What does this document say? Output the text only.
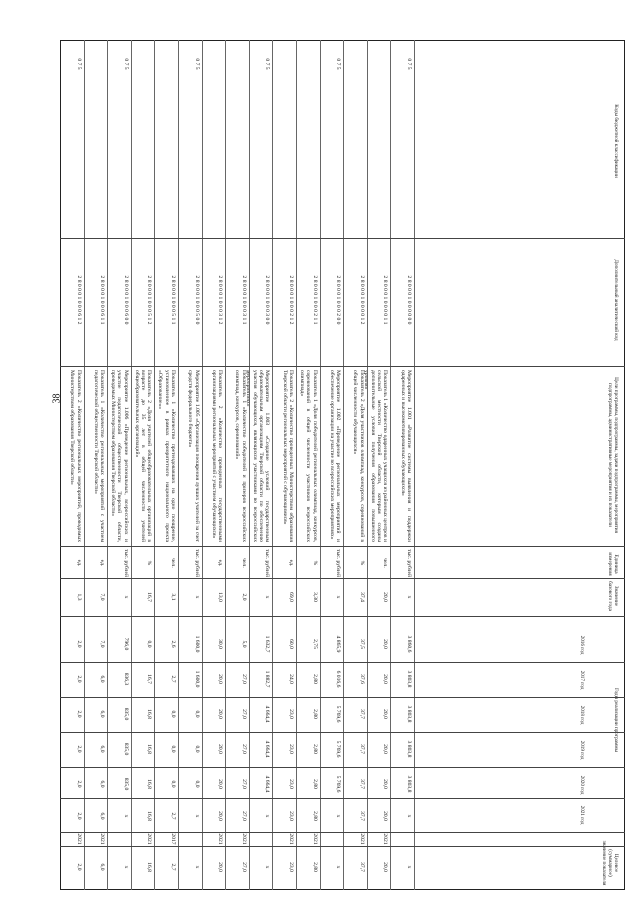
38
Коды бюджетной классификации
Дополнительный аналитический код
Цели программы, подпрограммы, задачи подпрограммы, мероприятия подпрограммы, административные мероприятия и их показатели
Единица измерения
Значение базового года
Годы реализации программы
2016 год
2017 год
2018 год
2019 год
2020 год
2021 год
Целевое (суммарное) значение показателя
0 7 5
2 8 0 0 0 1 0 0 0 0 0 0
Мероприятие 1.001 «Развитие системы выявления и поддержки одаренных и высокомотивированных обучающихся»
тыс. рублей
х
3 860,6
3 803,8
3 803,8
3 803,8
3 803,8
х
х
2 8 0 0 0 1 0 0 0 0 1 1
Показатель 1 «Количество одаренных учащихся из районных центров и сельской местности Тверской области, которым созданы дополнительные условия получения образования повышенного уровня»
чел.
20,0
20,0
20,0
20,0
20,0
20,0
20,0
2021
20,0
2 8 0 0 0 1 0 0 0 0 1 2
Показатель 2 «Доля участников олимпиад, конкурсов, соревнований в общей численности обучающихся»
%
37,4
37,5
37,6
37,7
37,7
37,7
37,7
2021
37,7
0 7 5
2 8 0 0 0 1 0 0 0 2 0 0
Мероприятие 1.002 «Проведение региональных мероприятий и обеспечение организации на участие во всероссийских мероприятиях»
тыс. рублей
х
4 865,9
6 016,6
5 769,6
5 769,6
5 769,6
х
х
2 8 0 0 0 1 0 0 0 2 1 1
Показатель 1 «Доля победителей региональных олимпиад, конкурсов, соревнований в общей численности участников всероссийских олимпиад»
%
3,30
2,75
2,80
2,80
2,80
2,80
2,80
2021
2,80
2 8 0 0 0 1 0 0 0 2 1 2
Показатель 2 «Количество проведенных Министерством образования Тверской области региональных мероприятий с обучающимися»
ед.
69,0
60,0
24,0
23,0
23,0
23,0
23,0
2021
23,0
0 7 5
2 8 0 0 0 1 0 0 0 3 0 0
Мероприятие 1.003 «Создание условий государственным образовательным организациям Тверской области по обеспечению участия обучающихся, являющихся участниками во всероссийских мероприятиях»
тыс. рублей
х
1 632,7
1 882,7
4 664,4
4 664,4
4 664,4
х
х
2 8 0 0 0 1 0 0 0 3 1 1
Показатель 1 «Количество победителей и призеров всероссийских олимпиад, конкурсов, соревнований»
чел.
2,0
5,0
27,0
27,0
27,0
27,0
27,0
2021
27,0
2 8 0 0 0 1 0 0 0 3 1 2
Показатель 2 «Количество проведенных государственными организациями региональных мероприятий с участием обучающихся»
ед.
13,0
30,0
20,0
20,0
20,0
20,0
20,0
2021
20,0
0 7 5
2 8 0 0 0 1 0 0 0 5 0 0
Мероприятие 1.005 «Организация поощрения лучших учителей за счет средств федерального бюджета»
тыс. рублей
х
1 600,0
1 600,0
0,0
0,0
0,0
х
х
2 8 0 0 0 1 0 0 0 5 1 1
Показатель 1 «Количество претендовавших на одно поощрение, установленное в рамках приоритетного национального проекта «Образование»»
чел.
3,1
2,6
2,7
0,0
0,0
0,0
2,7
2017
2,7
2 8 0 0 0 1 0 0 0 5 1 2
Показатель 2 «Доля учителей общеобразовательных организаций в возрасте до 35 лет в общей численности учителей общеобразовательных организаций»
%
16,7
0,0
16,7
16,8
16,8
16,8
16,8
2021
16,8
0 7 5
2 8 0 0 0 1 0 0 0 6 0 0
Мероприятие 1.006 «Проведение региональных, всероссийских и участие педагогической общественности Тверской области, проводимых Министерством образования Тверской области»
тыс. рублей
х
796,0
836,3
835,0
835,0
835,0
х
х
2 8 0 0 0 1 0 0 0 6 1 1
Показатель 1 «Количество региональных мероприятий с участием педагогической общественности Тверской области»
ед.
7,0
7,0
6,0
6,0
6,0
6,0
6,0
2021
6,0
0 7 5
2 8 0 0 0 1 0 0 0 6 1 2
Показатель 2 «Количество региональных мероприятий, проводимых Министерством образования Тверской области»
ед.
1,3
2,0
2,0
2,0
2,0
2,0
2,0
2021
2,0
